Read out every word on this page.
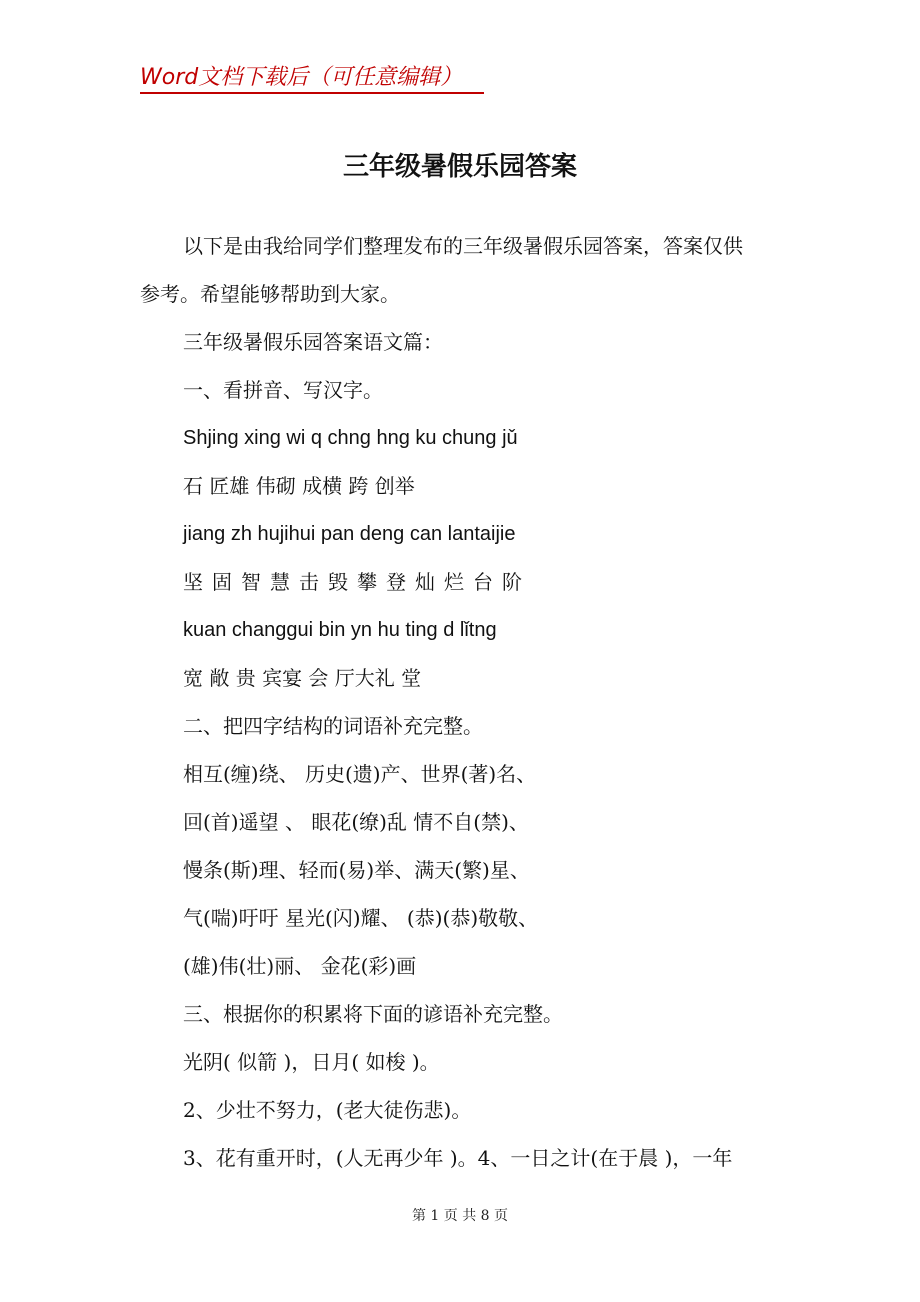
Word文档下载后（可任意编辑）
三年级暑假乐园答案
以下是由我给同学们整理发布的三年级暑假乐园答案，答案仅供
参考。希望能够帮助到大家。
三年级暑假乐园答案语文篇：
一、看拼音、写汉字。
Shjing xing wi q chng hng ku chung jǔ
石 匠雄 伟砌 成横 跨 创举
jiang zh hujihui pan deng can lantaijie
坚固智慧击毁攀登灿烂台阶
kuan changgui bin yn hu ting d lǐtng
宽 敞 贵 宾宴 会 厅大礼 堂
二、把四字结构的词语补充完整。
相互(缠)绕、 历史(遗)产、世界(著)名、
回(首)遥望 、 眼花(缭)乱 情不自(禁)、
慢条(斯)理、轻而(易)举、满天(繁)星、
气(喘)吁吁 星光(闪)耀、 (恭)(恭)敬敬、
(雄)伟(壮)丽、 金花(彩)画
三、根据你的积累将下面的谚语补充完整。
光阴( 似箭 )，日月( 如梭 )。
2、少壮不努力，(老大徒伤悲)。
3、花有重开时，(人无再少年 )。4、一日之计(在于晨 )，一年
第 1 页 共 8 页
